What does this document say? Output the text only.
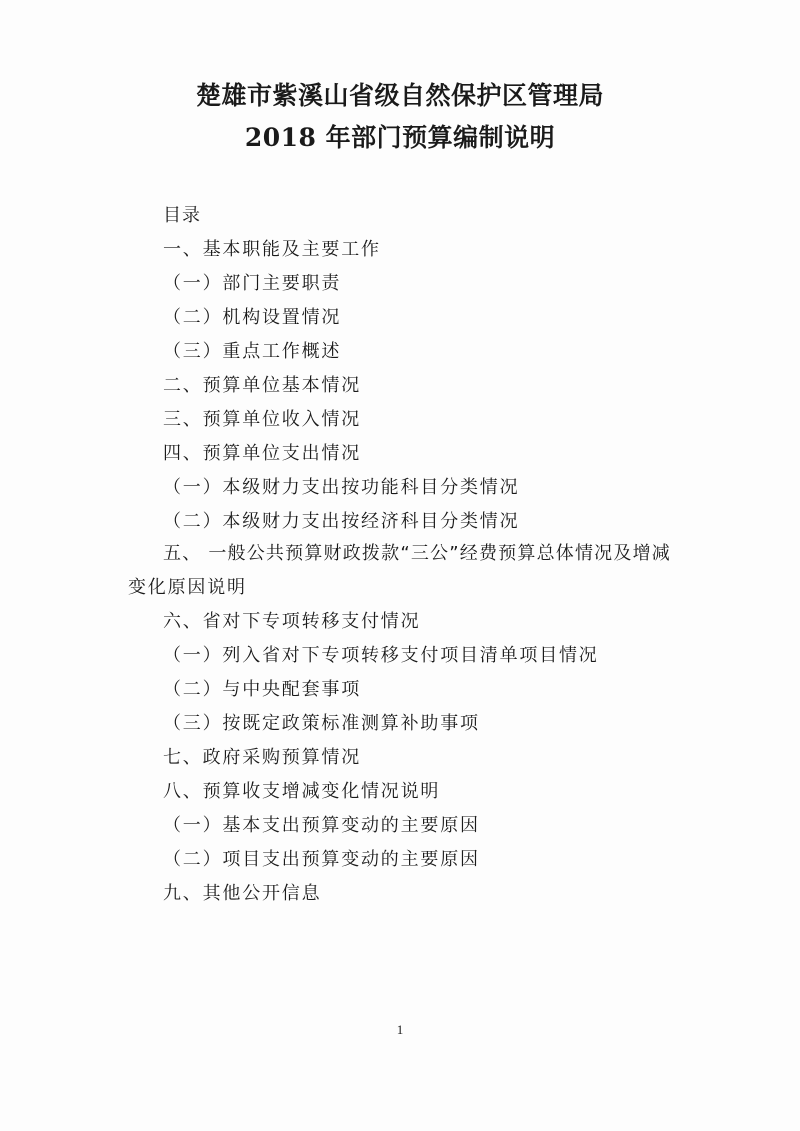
楚雄市紫溪山省级自然保护区管理局
2018 年部门预算编制说明
目录
一、基本职能及主要工作
（一）部门主要职责
（二）机构设置情况
（三）重点工作概述
二、预算单位基本情况
三、预算单位收入情况
四、预算单位支出情况
（一）本级财力支出按功能科目分类情况
（二）本级财力支出按经济科目分类情况
五、 一般公共预算财政拨款“三公”经费预算总体情况及增减
变化原因说明
六、省对下专项转移支付情况
（一）列入省对下专项转移支付项目清单项目情况
（二）与中央配套事项
（三）按既定政策标准测算补助事项
七、政府采购预算情况
八、预算收支增减变化情况说明
（一）基本支出预算变动的主要原因
（二）项目支出预算变动的主要原因
九、其他公开信息
1
